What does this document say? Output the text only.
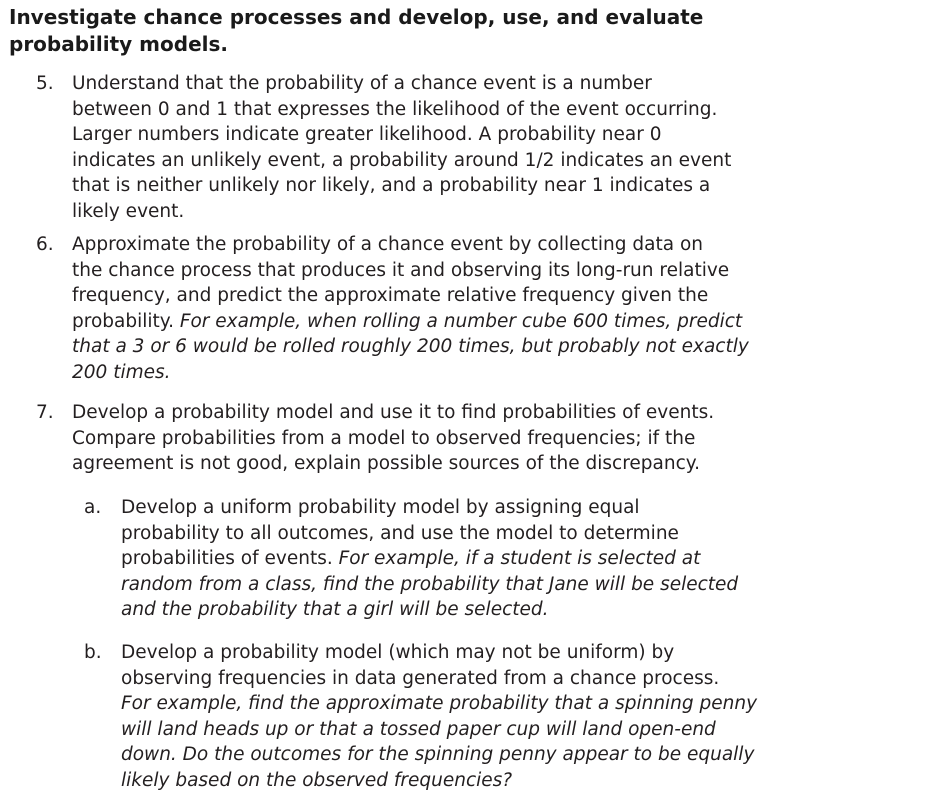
Investigate chance processes and develop, use, and evaluate
probability models.
5. Understand that the probability of a chance event is a number
between 0 and 1 that expresses the likelihood of the event occurring.
Larger numbers indicate greater likelihood. A probability near 0
indicates an unlikely event, a probability around 1/2 indicates an event
that is neither unlikely nor likely, and a probability near 1 indicates a
likely event.
6. Approximate the probability of a chance event by collecting data on
the chance process that produces it and observing its long-run relative
frequency, and predict the approximate relative frequency given the
probability. For example, when rolling a number cube 600 times, predict
that a 3 or 6 would be rolled roughly 200 times, but probably not exactly
200 times.
7. Develop a probability model and use it to find probabilities of events.
Compare probabilities from a model to observed frequencies; if the
agreement is not good, explain possible sources of the discrepancy.
a. Develop a uniform probability model by assigning equal
probability to all outcomes, and use the model to determine
probabilities of events. For example, if a student is selected at
random from a class, find the probability that Jane will be selected
and the probability that a girl will be selected.
b. Develop a probability model (which may not be uniform) by
observing frequencies in data generated from a chance process.
For example, find the approximate probability that a spinning penny
will land heads up or that a tossed paper cup will land open-end
down. Do the outcomes for the spinning penny appear to be equally
likely based on the observed frequencies?
